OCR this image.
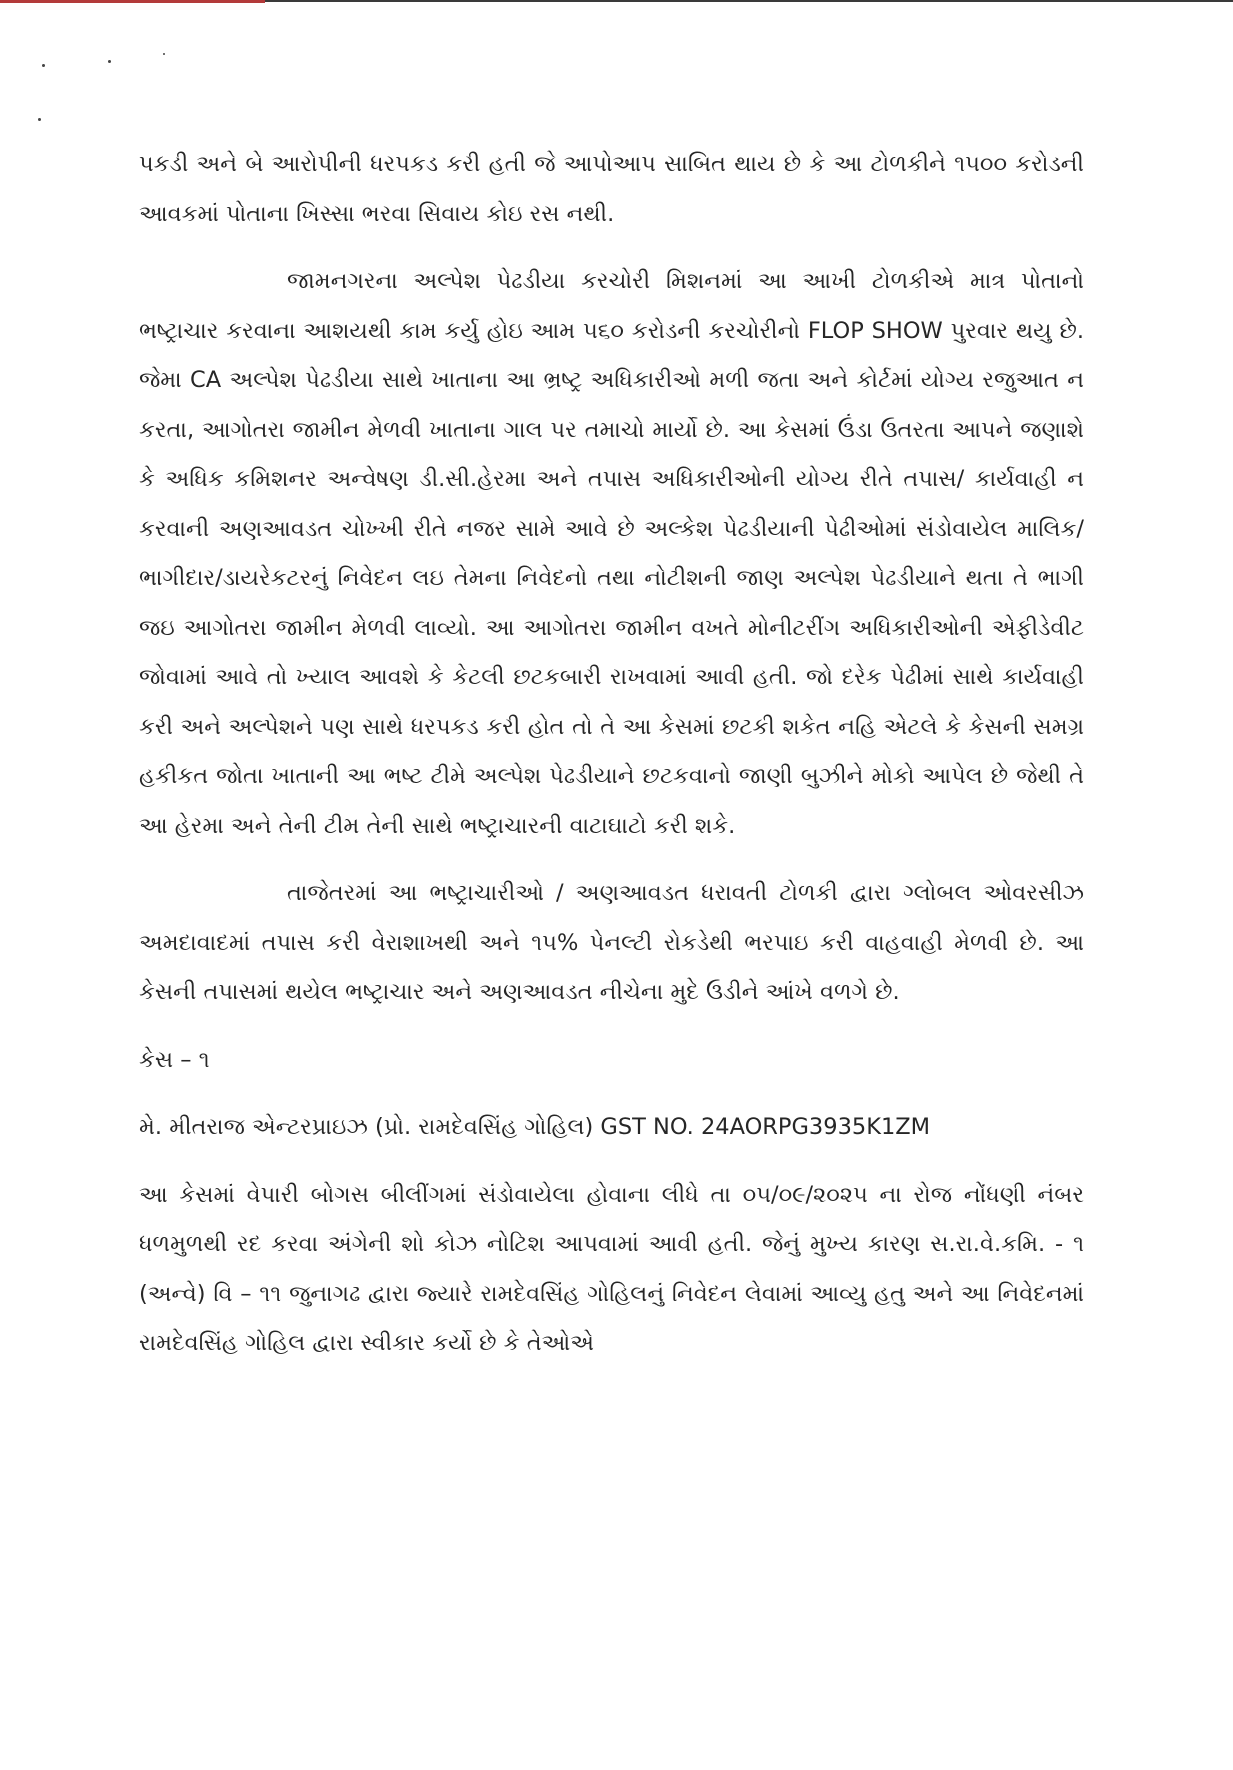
પકડી અને બે આરોપીની ધરપકડ કરી હતી જે આપોઆપ સાબિત થાય છે કે આ ટોળકીને ૧૫૦૦ કરોડની આવકમાં પોતાના ખિસ્સા ભરવા સિવાય કોઇ રસ નથી.

જામનગરના અલ્પેશ પેઢડીયા કરચોરી મિશનમાં આ આખી ટોળકીએ માત્ર પોતાનો ભષ્ટ્રાચાર કરવાના આશયથી કામ કર્યુ હોઇ આમ ૫૬૦ કરોડની કરચોરીનો FLOP SHOW પુરવાર થયુ છે. જેમા CA અલ્પેશ પેઢડીયા સાથે ખાતાના આ ભ્રષ્ટ્ર અધિકારીઓ મળી જતા અને કોર્ટમાં યોગ્ય રજુઆત ન કરતા, આગોતરા જામીન મેળવી ખાતાના ગાલ પર તમાચો માર્યો છે. આ કેસમાં ઉંડા ઉતરતા આપને જણાશે કે અધિક કમિશનર અન્વેષણ ડી.સી.હેરમા અને તપાસ અધિકારીઓની યોગ્ય રીતે તપાસ/ કાર્યવાહી ન કરવાની અણઆવડત ચોખ્ખી રીતે નજર સામે આવે છે અલ્કેશ પેઢડીયાની પેઢીઓમાં સંડોવાયેલ માલિક/ભાગીદાર/ડાયરેકટરનું નિવેદન લઇ તેમના નિવેદનો તથા નોટીશની જાણ અલ્પેશ પેઢડીયાને થતા તે ભાગી જઇ આગોતરા જામીન મેળવી લાવ્યો. આ આગોતરા જામીન વખતે મોનીટરીંગ અધિકારીઓની એફીડેવીટ જોવામાં આવે તો ખ્યાલ આવશે કે કેટલી છટકબારી રાખવામાં આવી હતી. જો દરેક પેઢીમાં સાથે કાર્યવાહી કરી અને અલ્પેશને પણ સાથે ધરપકડ કરી હોત તો તે આ કેસમાં છટકી શકેત નહિ એટલે કે કેસની સમગ્ર હકીકત જોતા ખાતાની આ ભષ્ટ ટીમે અલ્પેશ પેઢડીયાને છટકવાનો જાણી બુઝીને મોકો આપેલ છે જેથી તે આ હેરમા અને તેની ટીમ તેની સાથે ભષ્ટ્રાચારની વાટાઘાટો કરી શકે.

તાજેતરમાં આ ભષ્ટ્રાચારીઓ / અણઆવડત ધરાવતી ટોળકી દ્વારા ગ્લોબલ ઓવરસીઝ અમદાવાદમાં તપાસ કરી વેરાશાખથી અને ૧૫% પેનલ્ટી રોકડેથી ભરપાઇ કરી વાહવાહી મેળવી છે. આ કેસની તપાસમાં થયેલ ભષ્ટ્રાચાર અને અણઆવડત નીચેના મુદે ઉડીને આંખે વળગે છે.

કેસ – ૧

મે. મીતરાજ એન્ટરપ્રાઇઝ (પ્રો. રામદેવસિંહ ગોહિલ) GST NO. 24AORPG3935K1ZM

આ કેસમાં વેપારી બોગસ બીલીંગમાં સંડોવાયેલા હોવાના લીધે તા ૦૫/૦૯/૨૦૨૫ ના રોજ નોંધણી નંબર ધળમુળથી રદ કરવા અંગેની શો કોઝ નોટિશ આપવામાં આવી હતી. જેનું મુખ્ય કારણ સ.રા.વે.કમિ. - ૧ (અન્વે) વિ – ૧૧ જુનાગઢ દ્વારા જ્યારે રામદેવસિંહ ગોહિલનું નિવેદન લેવામાં આવ્યુ હતુ અને આ નિવેદનમાં રામદેવસિંહ ગોહિલ દ્વારા સ્વીકાર કર્યો છે કે તેઓએ
